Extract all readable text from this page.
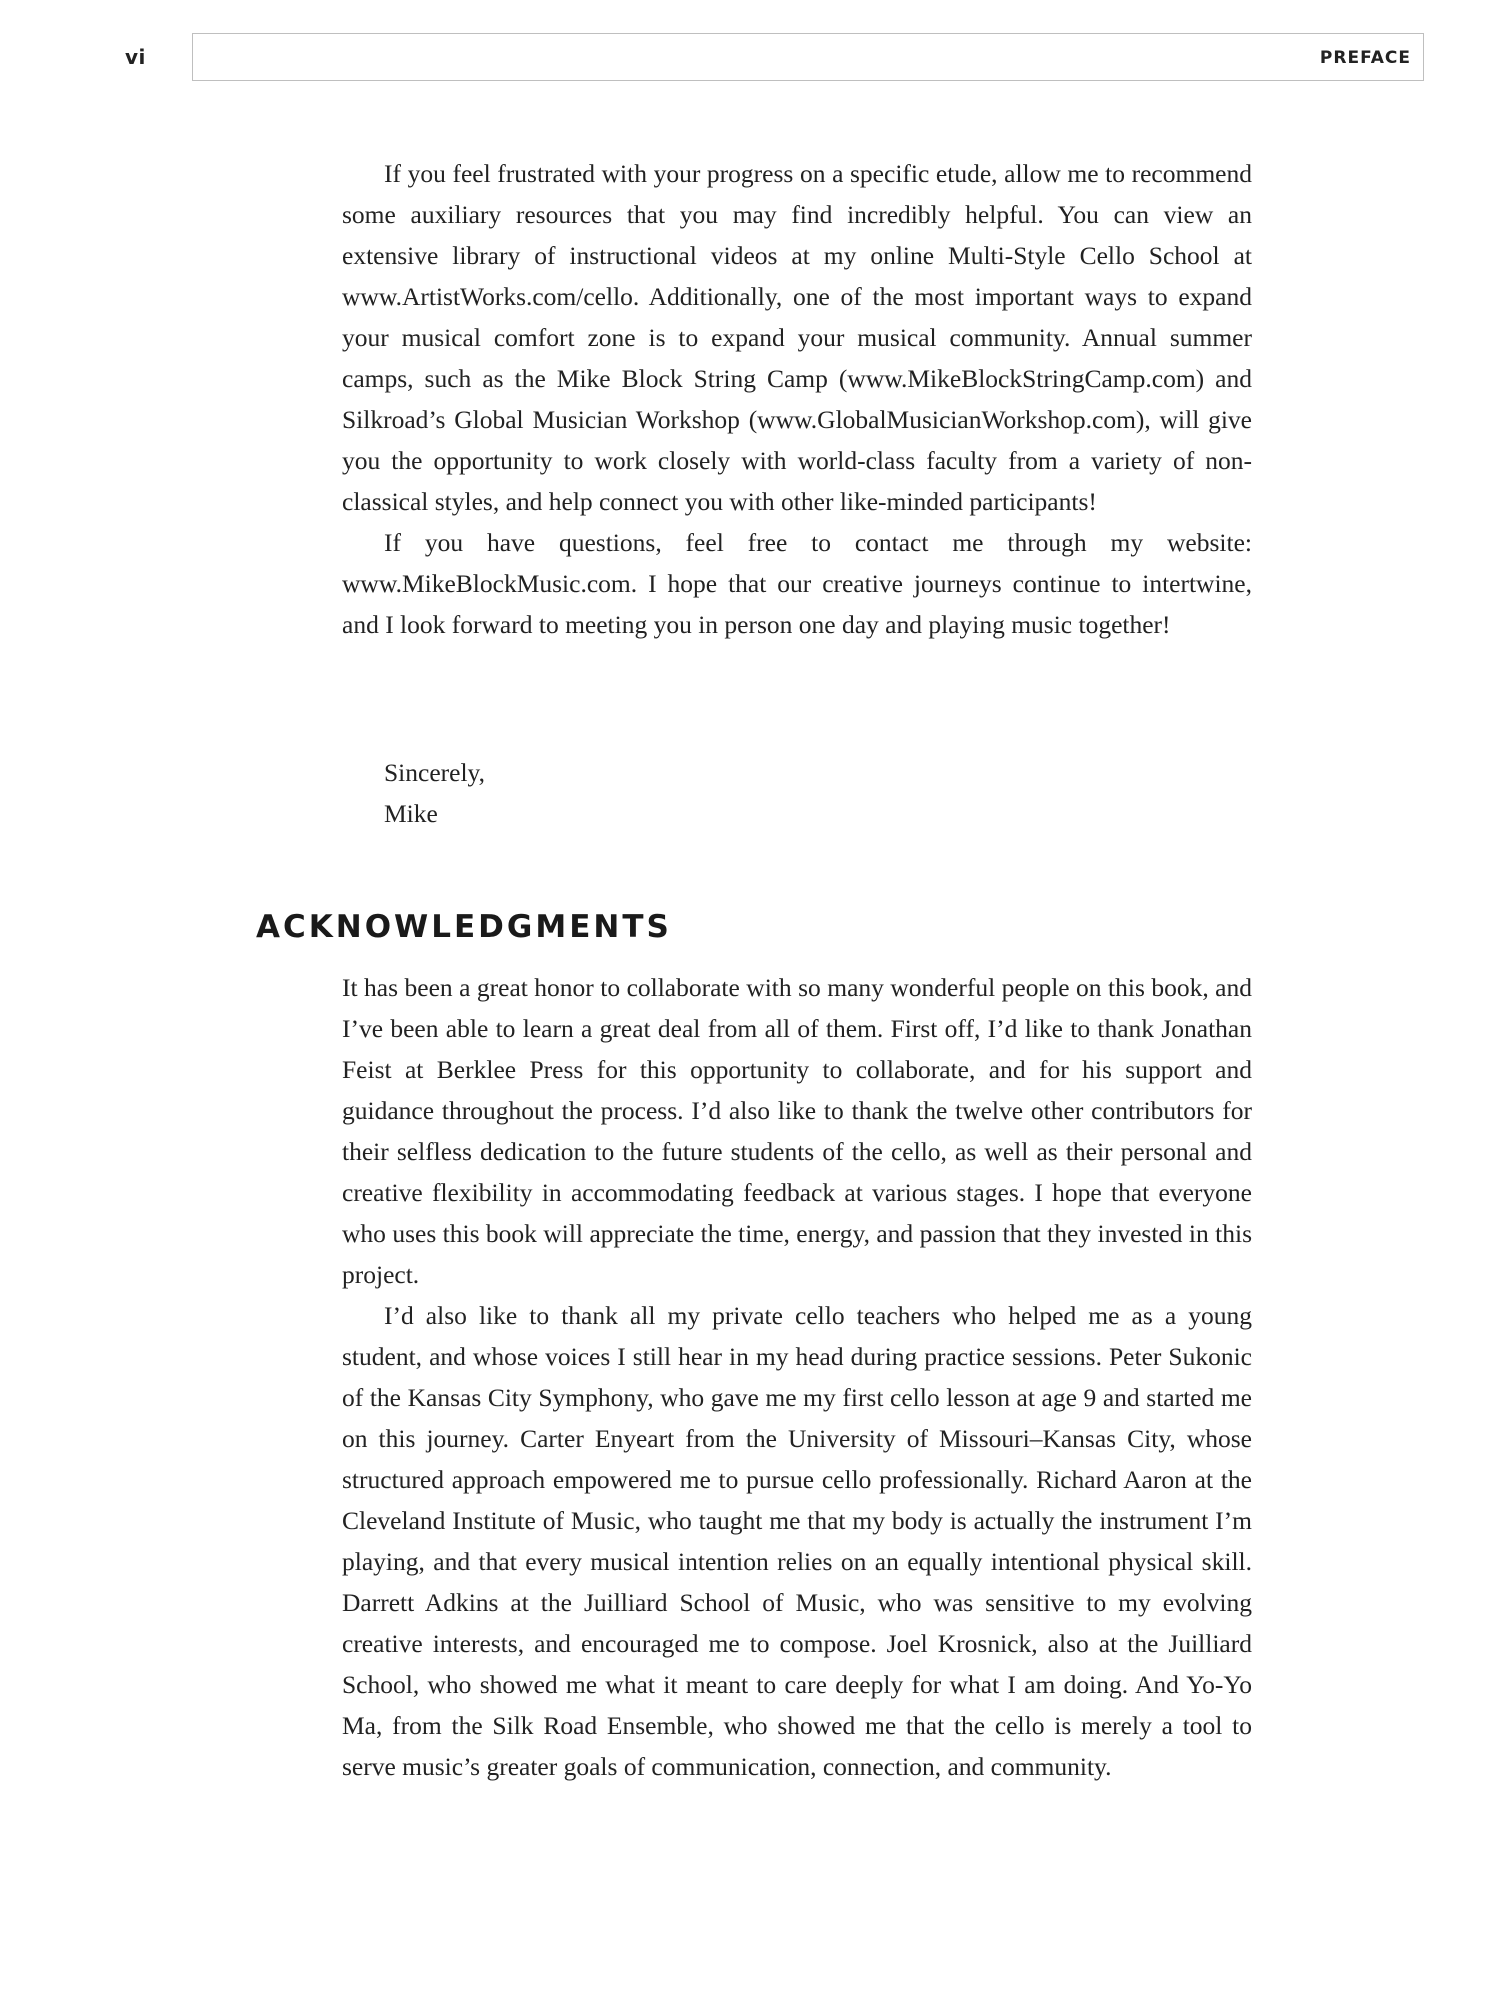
vi	PREFACE

If you feel frustrated with your progress on a specific etude, allow me to recommend some auxiliary resources that you may find incredibly helpful. You can view an extensive library of instructional videos at my online Multi-Style Cello School at www.ArtistWorks.com/cello. Additionally, one of the most important ways to expand your musical comfort zone is to expand your musical community. Annual summer camps, such as the Mike Block String Camp (www.MikeBlockStringCamp.com) and Silkroad’s Global Musician Workshop (www.GlobalMusicianWorkshop.com), will give you the opportunity to work closely with world-class faculty from a variety of non-classical styles, and help connect you with other like-minded participants!

If you have questions, feel free to contact me through my website: www.MikeBlockMusic.com. I hope that our creative journeys continue to intertwine, and I look forward to meeting you in person one day and playing music together!

Sincerely,
Mike
ACKNOWLEDGMENTS

It has been a great honor to collaborate with so many wonderful people on this book, and I’ve been able to learn a great deal from all of them. First off, I’d like to thank Jonathan Feist at Berklee Press for this opportunity to collaborate, and for his support and guidance throughout the process. I’d also like to thank the twelve other contributors for their selfless dedication to the future students of the cello, as well as their personal and creative flexibility in accommodating feedback at various stages. I hope that everyone who uses this book will appreciate the time, energy, and passion that they invested in this project.

I’d also like to thank all my private cello teachers who helped me as a young student, and whose voices I still hear in my head during practice sessions. Peter Sukonic of the Kansas City Symphony, who gave me my first cello lesson at age 9 and started me on this journey. Carter Enyeart from the University of Missouri–Kansas City, whose structured approach empowered me to pursue cello professionally. Richard Aaron at the Cleveland Institute of Music, who taught me that my body is actually the instrument I’m playing, and that every musical intention relies on an equally intentional physical skill. Darrett Adkins at the Juilliard School of Music, who was sensitive to my evolving creative interests, and encouraged me to compose. Joel Krosnick, also at the Juilliard School, who showed me what it meant to care deeply for what I am doing. And Yo-Yo Ma, from the Silk Road Ensemble, who showed me that the cello is merely a tool to serve music’s greater goals of communication, connection, and community.
